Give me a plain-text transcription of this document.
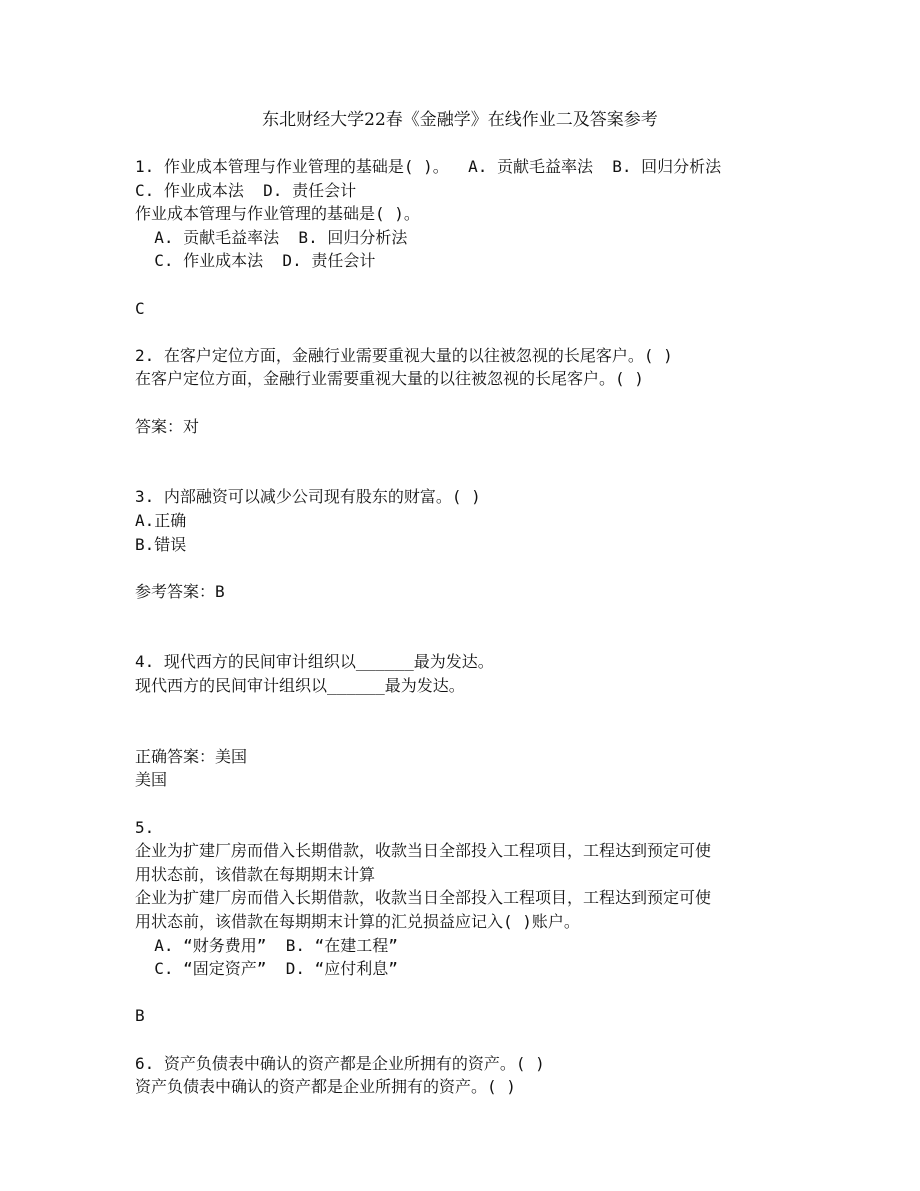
东北财经大学22春《金融学》在线作业二及答案参考
1. 作业成本管理与作业管理的基础是( )。  A. 贡献毛益率法  B. 回归分析法
C. 作业成本法  D. 责任会计
作业成本管理与作业管理的基础是( )。
A. 贡献毛益率法  B. 回归分析法
C. 作业成本法  D. 责任会计
C
2. 在客户定位方面，金融行业需要重视大量的以往被忽视的长尾客户。( )
在客户定位方面，金融行业需要重视大量的以往被忽视的长尾客户。( )
答案：对
3. 内部融资可以减少公司现有股东的财富。( )
A.正确
B.错误
参考答案：B
4. 现代西方的民间审计组织以______最为发达。
现代西方的民间审计组织以______最为发达。
正确答案：美国
美国
5.
企业为扩建厂房而借入长期借款，收款当日全部投入工程项目，工程达到预定可使
用状态前，该借款在每期期末计算
企业为扩建厂房而借入长期借款，收款当日全部投入工程项目，工程达到预定可使
用状态前，该借款在每期期末计算的汇兑损益应记入( )账户。
A. “财务费用”  B. “在建工程”
C. “固定资产”  D. “应付利息”
B
6. 资产负债表中确认的资产都是企业所拥有的资产。( )
资产负债表中确认的资产都是企业所拥有的资产。( )
